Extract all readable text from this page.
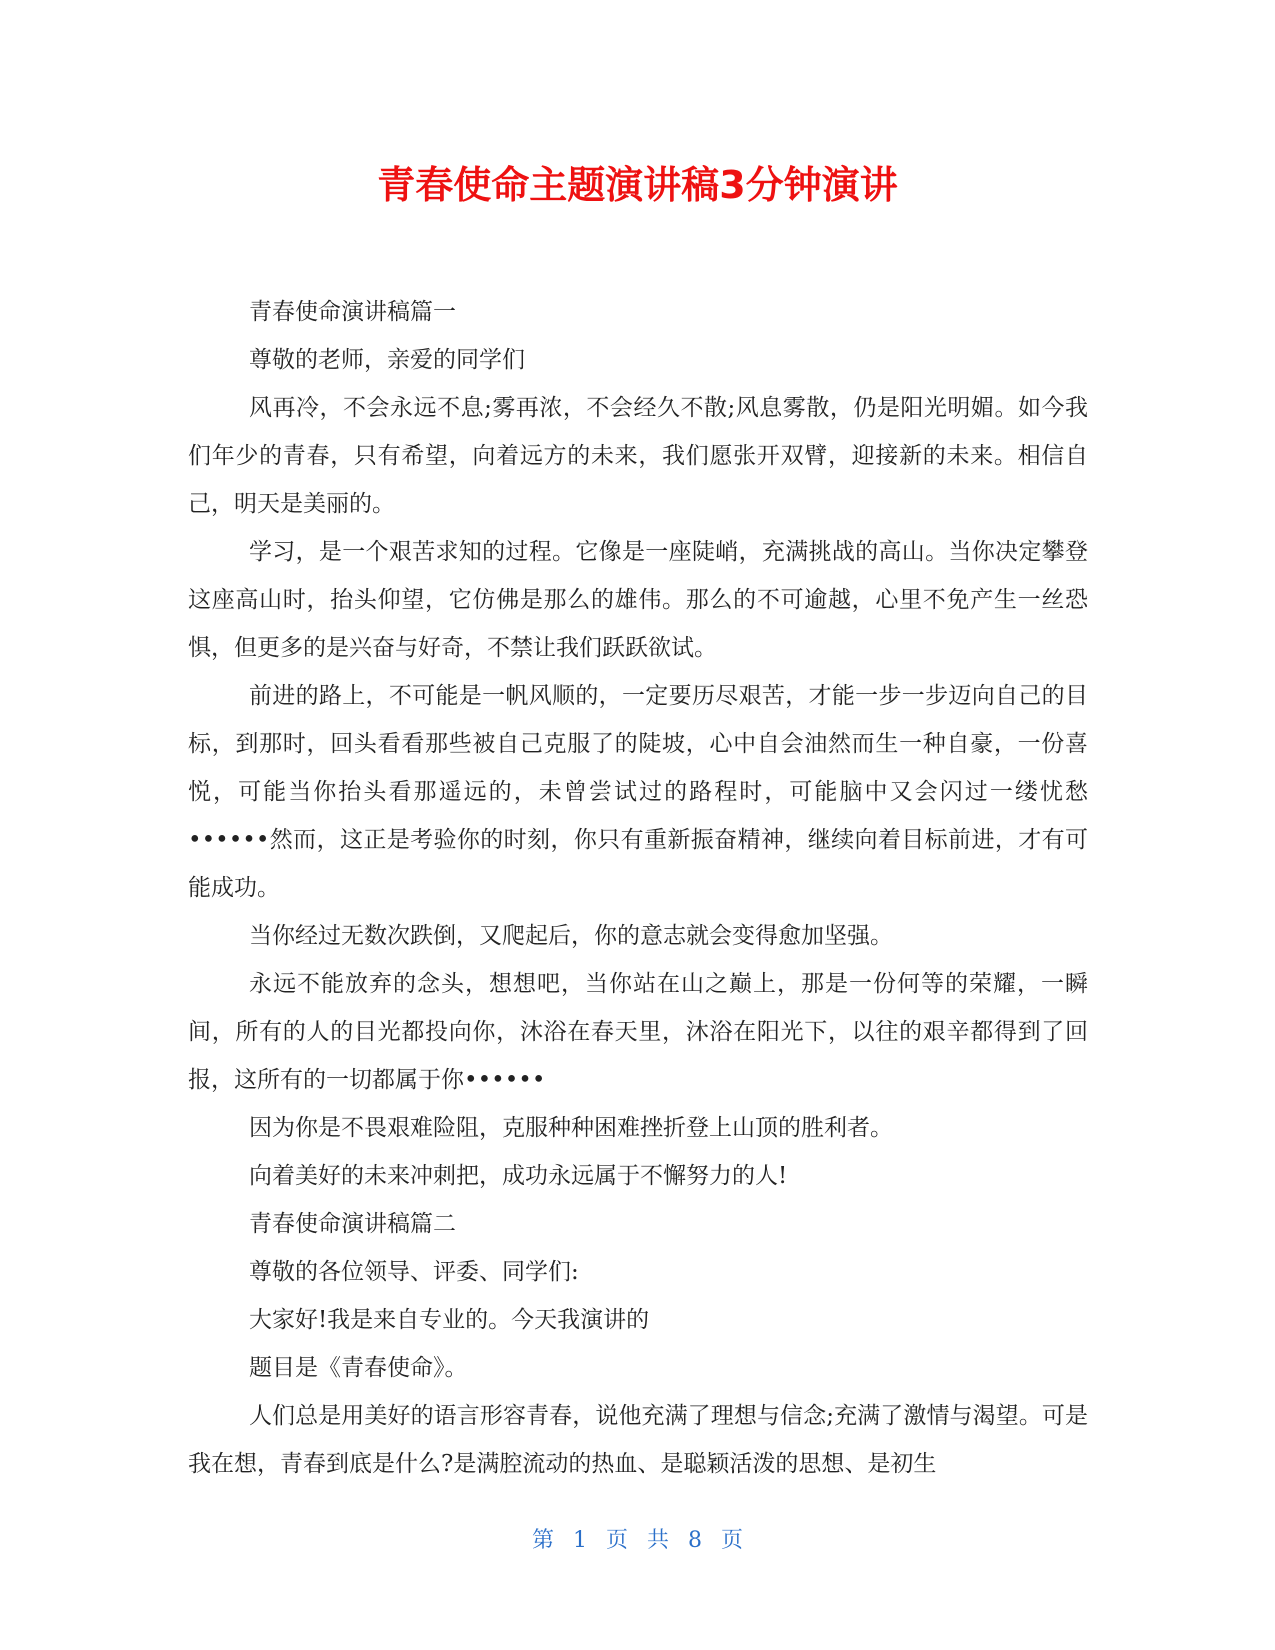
青春使命主题演讲稿3分钟演讲

青春使命演讲稿篇一

尊敬的老师，亲爱的同学们

风再冷，不会永远不息;雾再浓，不会经久不散;风息雾散，仍是阳光明媚。如今我们年少的青春，只有希望，向着远方的未来，我们愿张开双臂，迎接新的未来。相信自己，明天是美丽的。

学习，是一个艰苦求知的过程。它像是一座陡峭，充满挑战的高山。当你决定攀登这座高山时，抬头仰望，它仿佛是那么的雄伟。那么的不可逾越，心里不免产生一丝恐惧，但更多的是兴奋与好奇，不禁让我们跃跃欲试。

前进的路上，不可能是一帆风顺的，一定要历尽艰苦，才能一步一步迈向自己的目标，到那时，回头看看那些被自己克服了的陡坡，心中自会油然而生一种自豪，一份喜悦，可能当你抬头看那遥远的，未曾尝试过的路程时，可能脑中又会闪过一缕忧愁••••••然而，这正是考验你的时刻，你只有重新振奋精神，继续向着目标前进，才有可能成功。

当你经过无数次跌倒，又爬起后，你的意志就会变得愈加坚强。

永远不能放弃的念头，想想吧，当你站在山之巅上，那是一份何等的荣耀，一瞬间，所有的人的目光都投向你，沐浴在春天里，沐浴在阳光下，以往的艰辛都得到了回报，这所有的一切都属于你••••••

因为你是不畏艰难险阻，克服种种困难挫折登上山顶的胜利者。

向着美好的未来冲刺把，成功永远属于不懈努力的人!

青春使命演讲稿篇二

尊敬的各位领导、评委、同学们:

大家好!我是来自专业的。今天我演讲的

题目是《青春使命》。

人们总是用美好的语言形容青春，说他充满了理想与信念;充满了激情与渴望。可是我在想，青春到底是什么?是满腔流动的热血、是聪颖活泼的思想、是初生

第 1 页 共 8 页
